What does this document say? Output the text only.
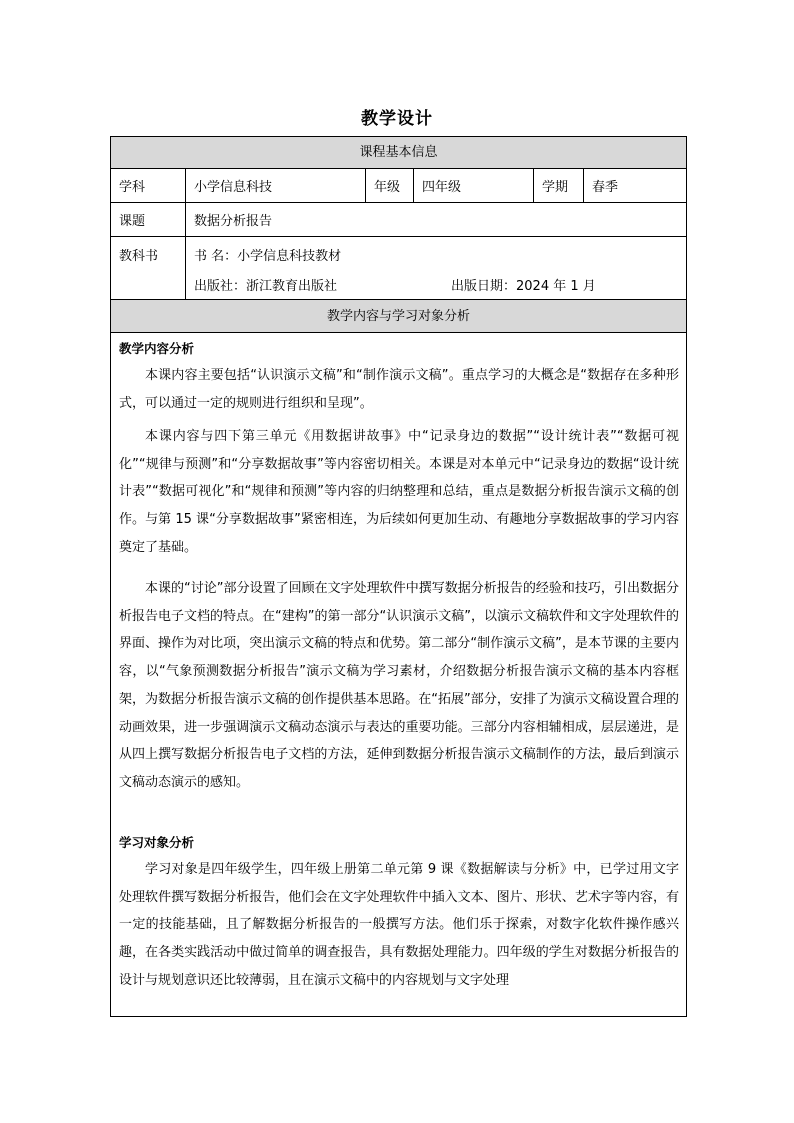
教学设计
课程基本信息
学科	小学信息科技	年级	四年级	学期	春季
课题	数据分析报告
教科书	书 名：小学信息科技教材
出版社：浙江教育出版社	出版日期：2024 年 1 月
教学内容与学习对象分析
教学内容分析

本课内容主要包括“认识演示文稿”和“制作演示文稿”。重点学习的大概念是“数据存在多种形式，可以通过一定的规则进行组织和呈现”。

本课内容与四下第三单元《用数据讲故事》中“记录身边的数据”“设计统计表”“数据可视化”“规律与预测”和“分享数据故事”等内容密切相关。本课是对本单元中“记录身边的数据“设计统计表”“数据可视化”和“规律和预测”等内容的归纳整理和总结，重点是数据分析报告演示文稿的创作。与第 15 课“分享数据故事”紧密相连，为后续如何更加生动、有趣地分享数据故事的学习内容奠定了基础。

本课的“讨论”部分设置了回顾在文字处理软件中撰写数据分析报告的经验和技巧，引出数据分析报告电子文档的特点。在“建构”的第一部分“认识演示文稿”，以演示文稿软件和文字处理软件的界面、操作为对比项，突出演示文稿的特点和优势。第二部分“制作演示文稿”，是本节课的主要内容，以“气象预测数据分析报告”演示文稿为学习素材，介绍数据分析报告演示文稿的基本内容框架，为数据分析报告演示文稿的创作提供基本思路。在“拓展”部分，安排了为演示文稿设置合理的动画效果，进一步强调演示文稿动态演示与表达的重要功能。三部分内容相辅相成，层层递进，是从四上撰写数据分析报告电子文档的方法，延伸到数据分析报告演示文稿制作的方法，最后到演示文稿动态演示的感知。

学习对象分析

学习对象是四年级学生，四年级上册第二单元第 9 课《数据解读与分析》中，已学过用文字处理软件撰写数据分析报告，他们会在文字处理软件中插入文本、图片、形状、艺术字等内容，有一定的技能基础，且了解数据分析报告的一般撰写方法。他们乐于探索，对数字化软件操作感兴趣，在各类实践活动中做过简单的调查报告，具有数据处理能力。四年级的学生对数据分析报告的设计与规划意识还比较薄弱，且在演示文稿中的内容规划与文字处理
